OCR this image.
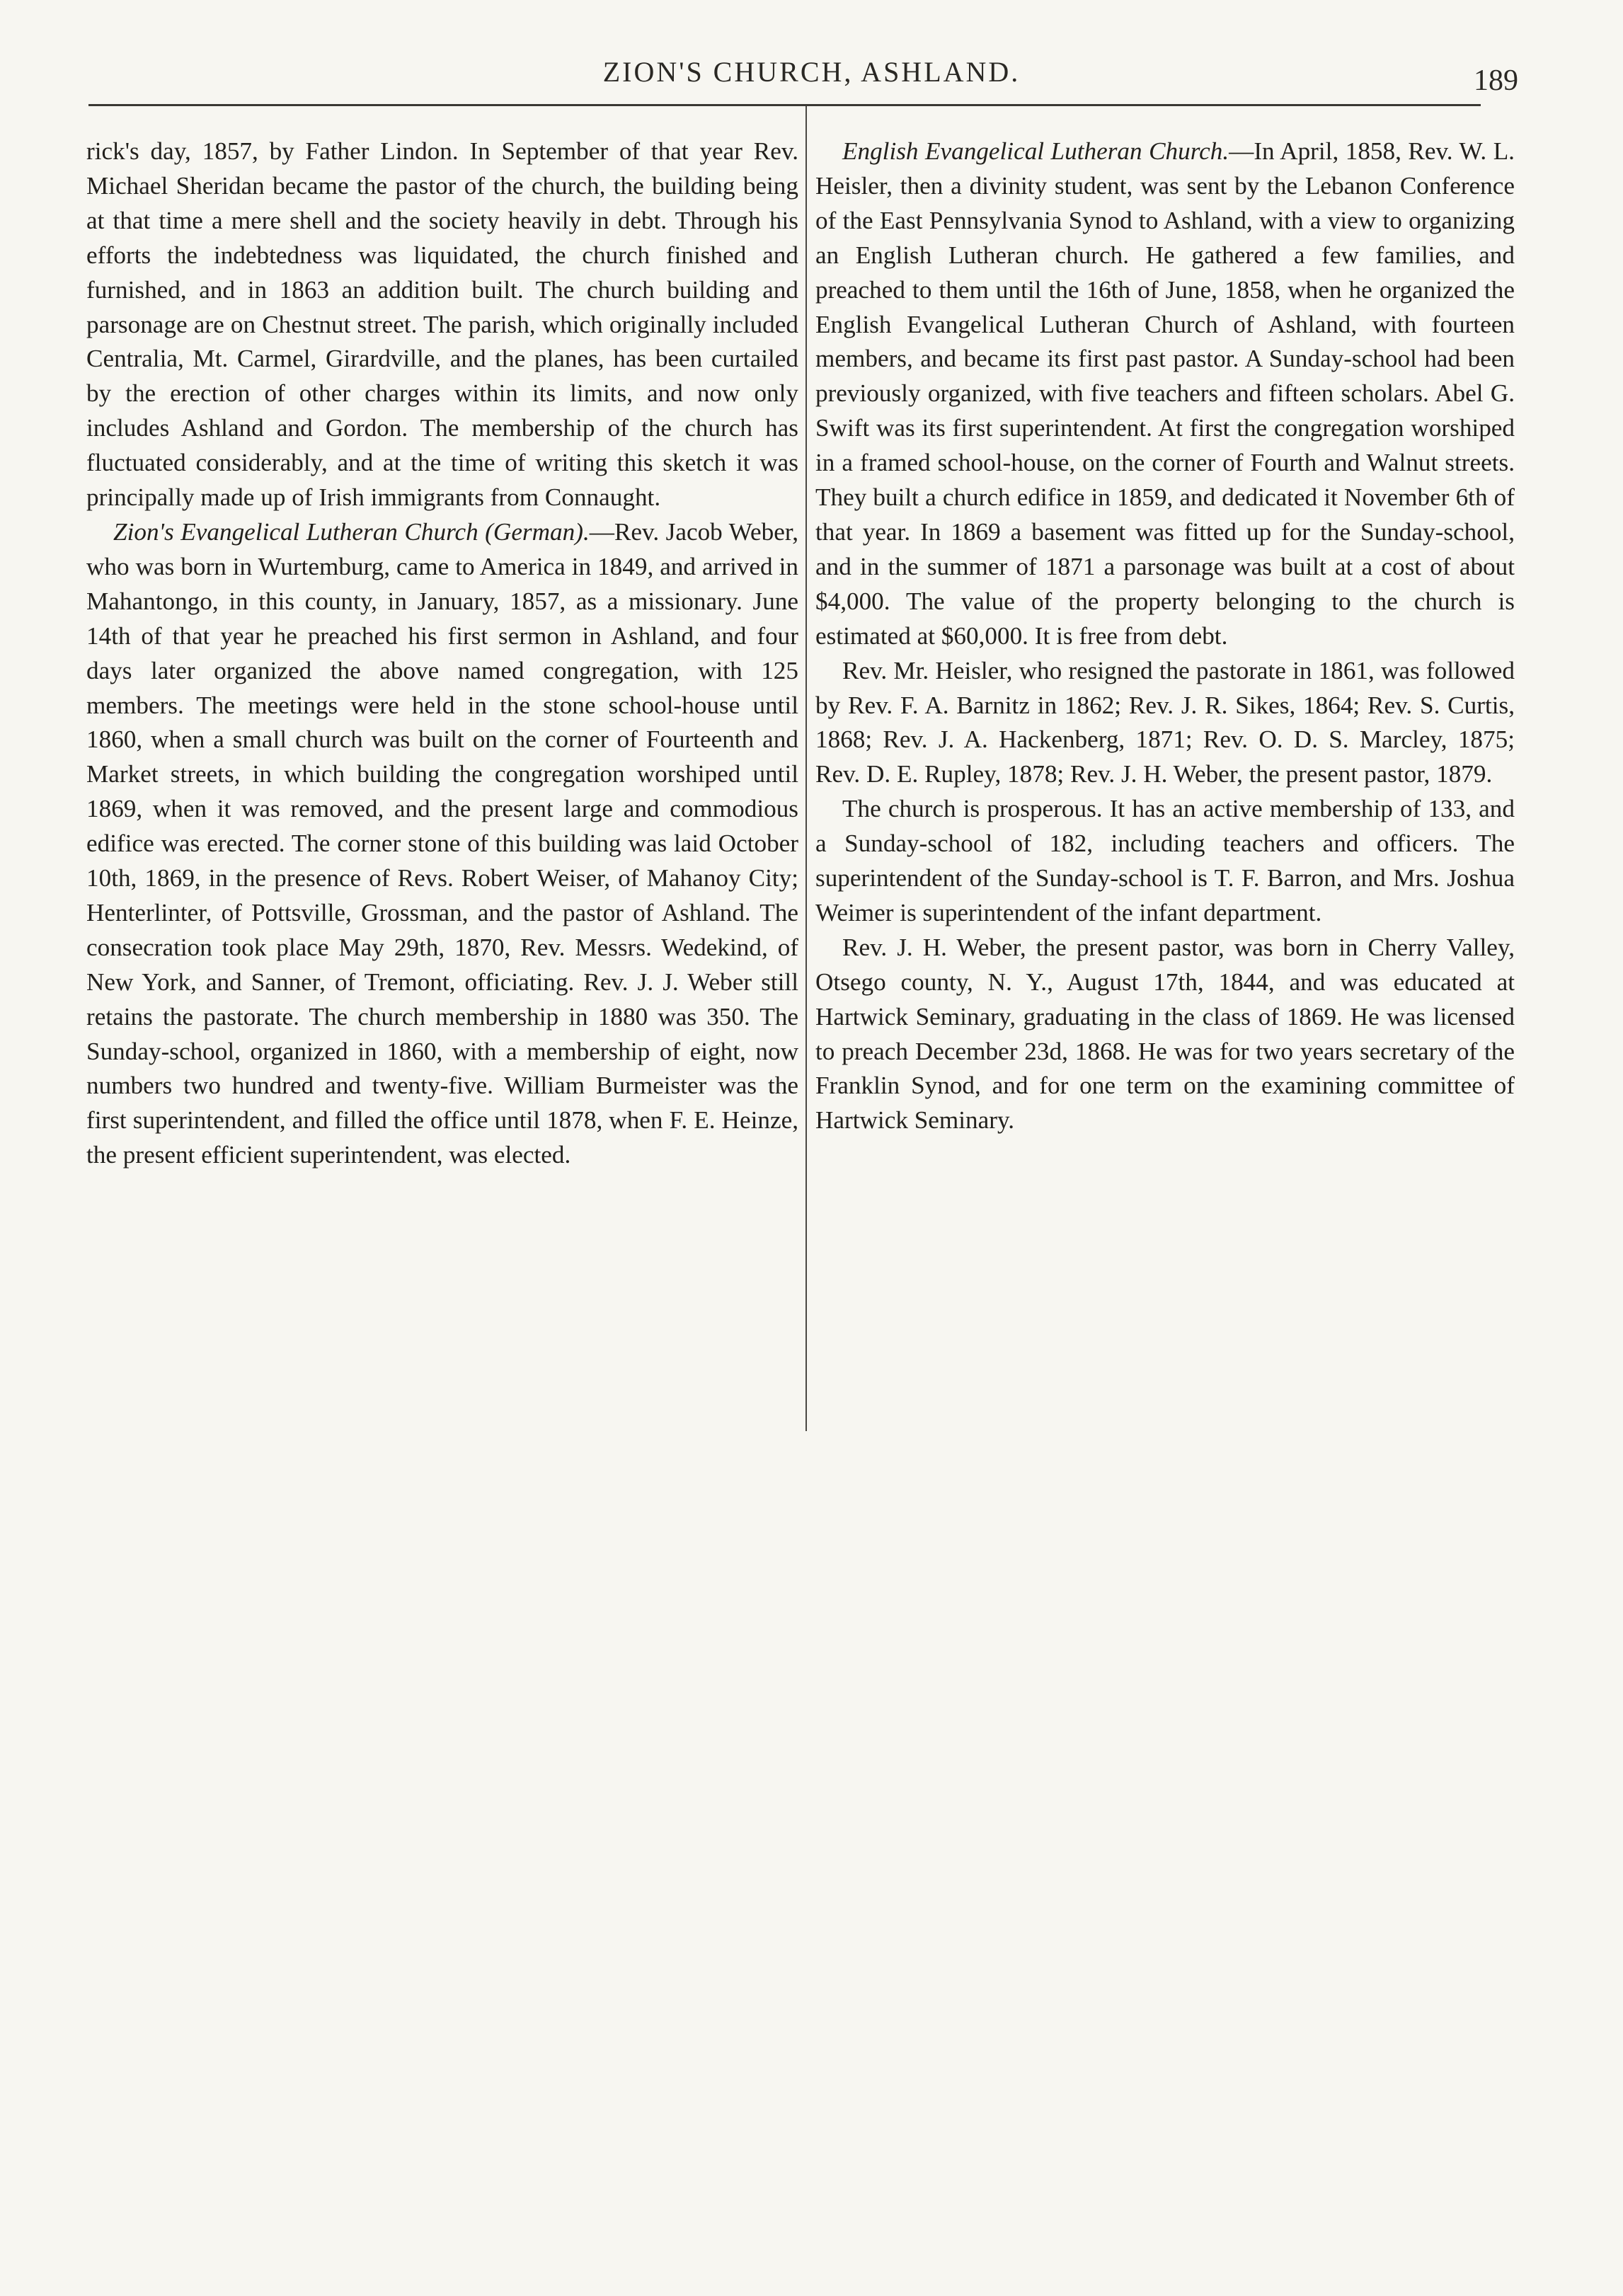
ZION'S CHURCH, ASHLAND.	189

rick's day, 1857, by Father Lindon. In September of that year Rev. Michael Sheridan became the pastor of the church, the building being at that time a mere shell and the society heavily in debt. Through his efforts the indebtedness was liquidated, the church finished and furnished, and in 1863 an addition built. The church building and parsonage are on Chestnut street. The parish, which originally included Centralia, Mt. Carmel, Girardville, and the planes, has been curtailed by the erection of other charges within its limits, and now only includes Ashland and Gordon. The membership of the church has fluctuated considerably, and at the time of writing this sketch it was principally made up of Irish immigrants from Connaught.

Zion's Evangelical Lutheran Church (German).—Rev. Jacob Weber, who was born in Wurtemburg, came to America in 1849, and arrived in Mahantongo, in this county, in January, 1857, as a missionary. June 14th of that year he preached his first sermon in Ashland, and four days later organized the above named congregation, with 125 members. The meetings were held in the stone school-house until 1860, when a small church was built on the corner of Fourteenth and Market streets, in which building the congregation worshiped until 1869, when it was removed, and the present large and commodious edifice was erected. The corner stone of this building was laid October 10th, 1869, in the presence of Revs. Robert Weiser, of Mahanoy City; Henterlinter, of Pottsville, Grossman, and the pastor of Ashland. The consecration took place May 29th, 1870, Rev. Messrs. Wedekind, of New York, and Sanner, of Tremont, officiating. Rev. J. J. Weber still retains the pastorate. The church membership in 1880 was 350. The Sunday-school, organized in 1860, with a membership of eight, now numbers two hundred and twenty-five. William Burmeister was the first superintendent, and filled the office until 1878, when F. E. Heinze, the present efficient superintendent, was elected.

English Evangelical Lutheran Church.—In April, 1858, Rev. W. L. Heisler, then a divinity student, was sent by the Lebanon Conference of the East Pennsylvania Synod to Ashland, with a view to organizing an English Lutheran church. He gathered a few families, and preached to them until the 16th of June, 1858, when he organized the English Evangelical Lutheran Church of Ashland, with fourteen members, and became its first past pastor. A Sunday-school had been previously organized, with five teachers and fifteen scholars. Abel G. Swift was its first superintendent. At first the congregation worshiped in a framed school-house, on the corner of Fourth and Walnut streets. They built a church edifice in 1859, and dedicated it November 6th of that year. In 1869 a basement was fitted up for the Sunday-school, and in the summer of 1871 a parsonage was built at a cost of about $4,000. The value of the property belonging to the church is estimated at $60,000. It is free from debt.

Rev. Mr. Heisler, who resigned the pastorate in 1861, was followed by Rev. F. A. Barnitz in 1862; Rev. J. R. Sikes, 1864; Rev. S. Curtis, 1868; Rev. J. A. Hackenberg, 1871; Rev. O. D. S. Marcley, 1875; Rev. D. E. Rupley, 1878; Rev. J. H. Weber, the present pastor, 1879.

The church is prosperous. It has an active membership of 133, and a Sunday-school of 182, including teachers and officers. The superintendent of the Sunday-school is T. F. Barron, and Mrs. Joshua Weimer is superintendent of the infant department.

Rev. J. H. Weber, the present pastor, was born in Cherry Valley, Otsego county, N. Y., August 17th, 1844, and was educated at Hartwick Seminary, graduating in the class of 1869. He was licensed to preach December 23d, 1868. He was for two years secretary of the Franklin Synod, and for one term on the examining committee of Hartwick Seminary.
